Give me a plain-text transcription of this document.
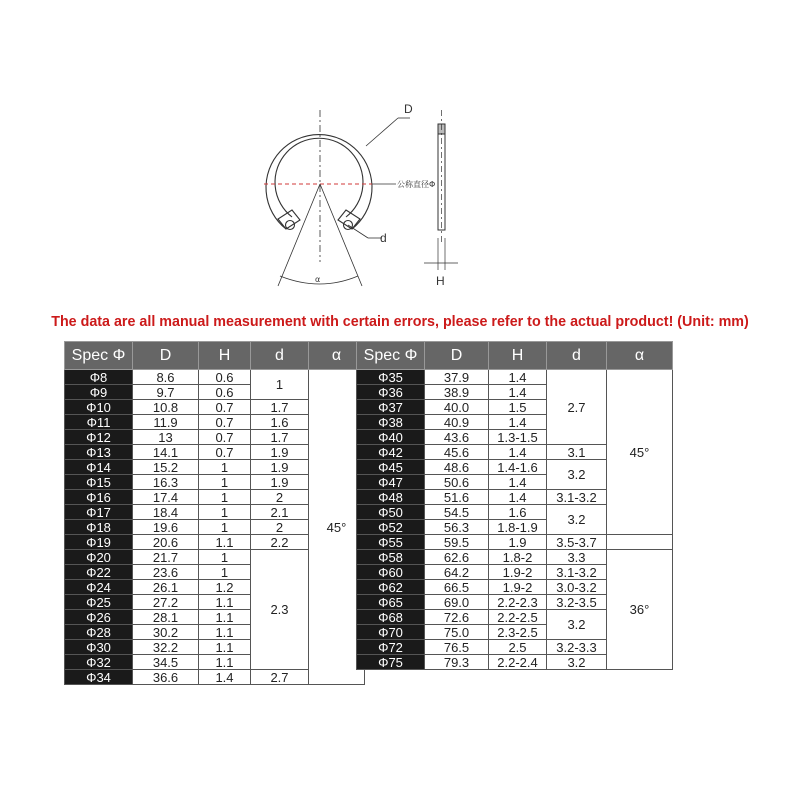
D
d
H
α
公称直径Φ
The data are all manual measurement with certain errors, please refer to the actual product! (Unit: mm)

Spec Φ	D	H	d	α
Φ8	8.6	0.6	1	45°
Φ9	9.7	0.6		
Φ10	10.8	0.7	1.7	
Φ11	11.9	0.7	1.6	
Φ12	13	0.7	1.7	
Φ13	14.1	0.7	1.9	
Φ14	15.2	1	1.9	
Φ15	16.3	1	1.9	
Φ16	17.4	1	2	
Φ17	18.4	1	2.1	
Φ18	19.6	1	2	
Φ19	20.6	1.1	2.2	
Φ20	21.7	1	2.3	
Φ22	23.6	1		
Φ24	26.1	1.2		
Φ25	27.2	1.1		
Φ26	28.1	1.1		
Φ28	30.2	1.1		
Φ30	32.2	1.1		
Φ32	34.5	1.1		
Φ34	36.6	1.4	2.7	

Spec Φ	D	H	d	α
Φ35	37.9	1.4	2.7	45°
Φ36	38.9	1.4		
Φ37	40.0	1.5		
Φ38	40.9	1.4		
Φ40	43.6	1.3-1.5		
Φ42	45.6	1.4	3.1	
Φ45	48.6	1.4-1.6	3.2	
Φ47	50.6	1.4		
Φ48	51.6	1.4	3.1-3.2	
Φ50	54.5	1.6	3.2	
Φ52	56.3	1.8-1.9		
Φ55	59.5	1.9	3.5-3.7	
Φ58	62.6	1.8-2	3.3	36°
Φ60	64.2	1.9-2	3.1-3.2	
Φ62	66.5	1.9-2	3.0-3.2	
Φ65	69.0	2.2-2.3	3.2-3.5	
Φ68	72.6	2.2-2.5	3.2	
Φ70	75.0	2.3-2.5		
Φ72	76.5	2.5	3.2-3.3	
Φ75	79.3	2.2-2.4	3.2	
